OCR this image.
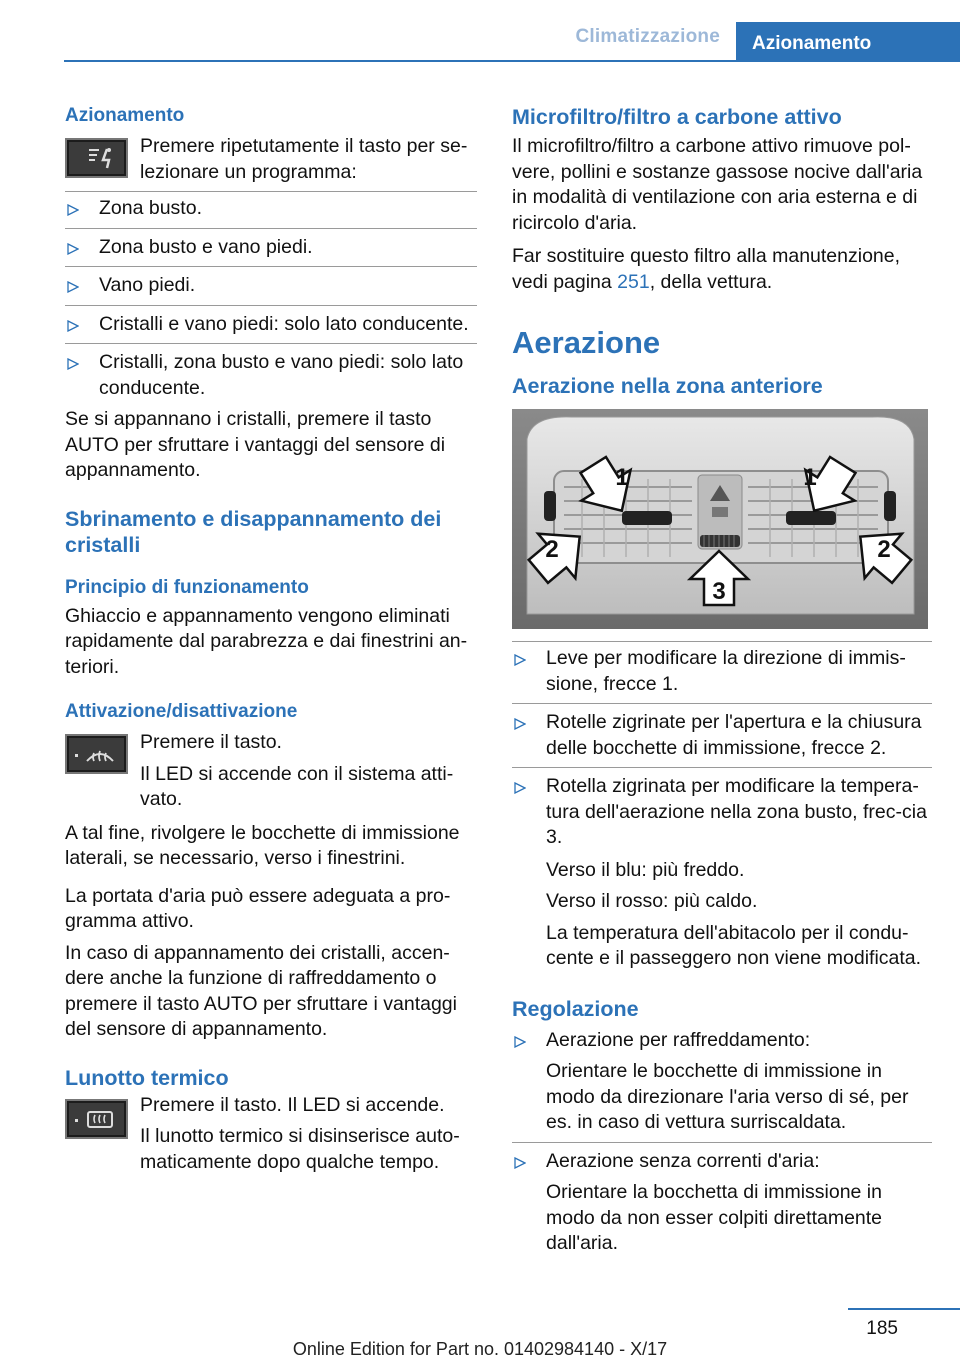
Climatizzazione	Azionamento
Azionamento

Premere ripetutamente il tasto per se-lezionare un programma:

Zona busto.
Zona busto e vano piedi.
Vano piedi.
Cristalli e vano piedi: solo lato conducente.
Cristalli, zona busto e vano piedi: solo lato conducente.

Se si appannano i cristalli, premere il tasto AUTO per sfruttare i vantaggi del sensore di appannamento.

Sbrinamento e disappannamento dei cristalli
Principio di funzionamento

Ghiaccio e appannamento vengono eliminati rapidamente dal parabrezza e dai finestrini an-teriori.

Attivazione/disattivazione

Premere il tasto.

Il LED si accende con il sistema atti-vato.

A tal fine, rivolgere le bocchette di immissione laterali, se necessario, verso i finestrini.

La portata d'aria può essere adeguata a pro-gramma attivo.

In caso di appannamento dei cristalli, accen-dere anche la funzione di raffreddamento o premere il tasto AUTO per sfruttare i vantaggi del sensore di appannamento.

Lunotto termico

Premere il tasto. Il LED si accende.

Il lunotto termico si disinserisce auto-maticamente dopo qualche tempo.

Microfiltro/filtro a carbone attivo

Il microfiltro/filtro a carbone attivo rimuove pol-vere, pollini e sostanze gassose nocive dall'aria in modalità di ventilazione con aria esterna e di ricircolo d'aria.

Far sostituire questo filtro alla manutenzione, vedi pagina 251, della vettura.

Aerazione
Aerazione nella zona anteriore
1	1
2	2
3

Leve per modificare la direzione di immis-sione, frecce 1.

Rotelle zigrinate per l'apertura e la chiusura delle bocchette di immissione, frecce 2.

Rotella zigrinata per modificare la tempera-tura dell'aerazione nella zona busto, frec-cia 3.

Verso il blu: più freddo.

Verso il rosso: più caldo.

La temperatura dell'abitacolo per il condu-cente e il passeggero non viene modificata.

Regolazione

Aerazione per raffreddamento:

Orientare le bocchette di immissione in modo da direzionare l'aria verso di sé, per es. in caso di vettura surriscaldata.

Aerazione senza correnti d'aria:

Orientare la bocchetta di immissione in modo da non esser colpiti direttamente dall'aria.

185
Online Edition for Part no. 01402984140 - X/17
